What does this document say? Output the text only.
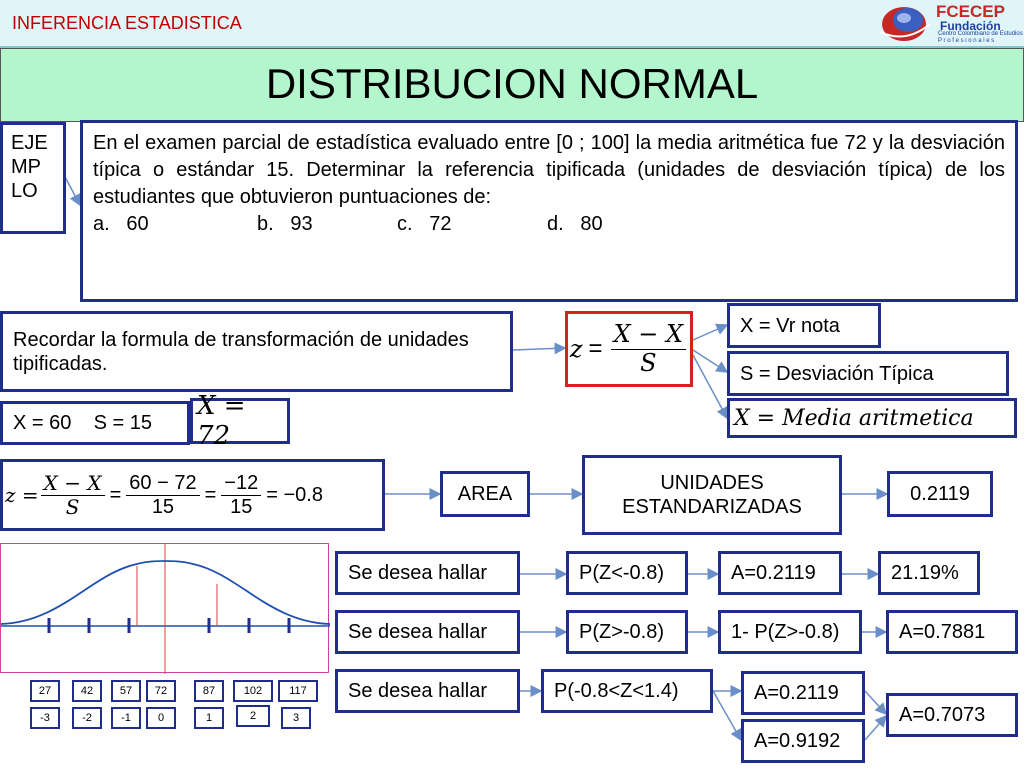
INFERENCIA ESTADISTICA
FCECEP
Fundación
Centro Colombiano de Estudios
P r o f e s i o n a l e s
DISTRIBUCION NORMAL
EJE
MP
LO
En el examen parcial de estadística evaluado entre [0 ; 100] la media aritmética fue 72 y la desviación típica o estándar 15. Determinar la referencia tipificada (unidades de desviación típica) de los estudiantes que obtuvieron puntuaciones de:
a. 60	b. 93	c. 72	d. 80
Recordar la formula de transformación de unidades tipificadas.
$z = \frac{X - X}{S}$	X = Vr nota
S = Desviación Típica
X = Media aritmetica
X = 60    S = 15
X = 72
$z = \frac{X - X}{S} = \frac{60 - 72}{15} = \frac{-12}{15} = -0.8$	AREA	UNIDADES ESTANDARIZADAS
0.2119
27	42	57	72	87	102	117
-3	-2	-1	0	1	2	3
Se desea hallar	P(Z<-0.8)	A=0.2119	21.19%
Se desea hallar	P(Z>-0.8)	1- P(Z>-0.8)	A=0.7881
Se desea hallar	P(-0.8<Z<1.4)	A=0.2119
A=0.9192
A=0.7073
